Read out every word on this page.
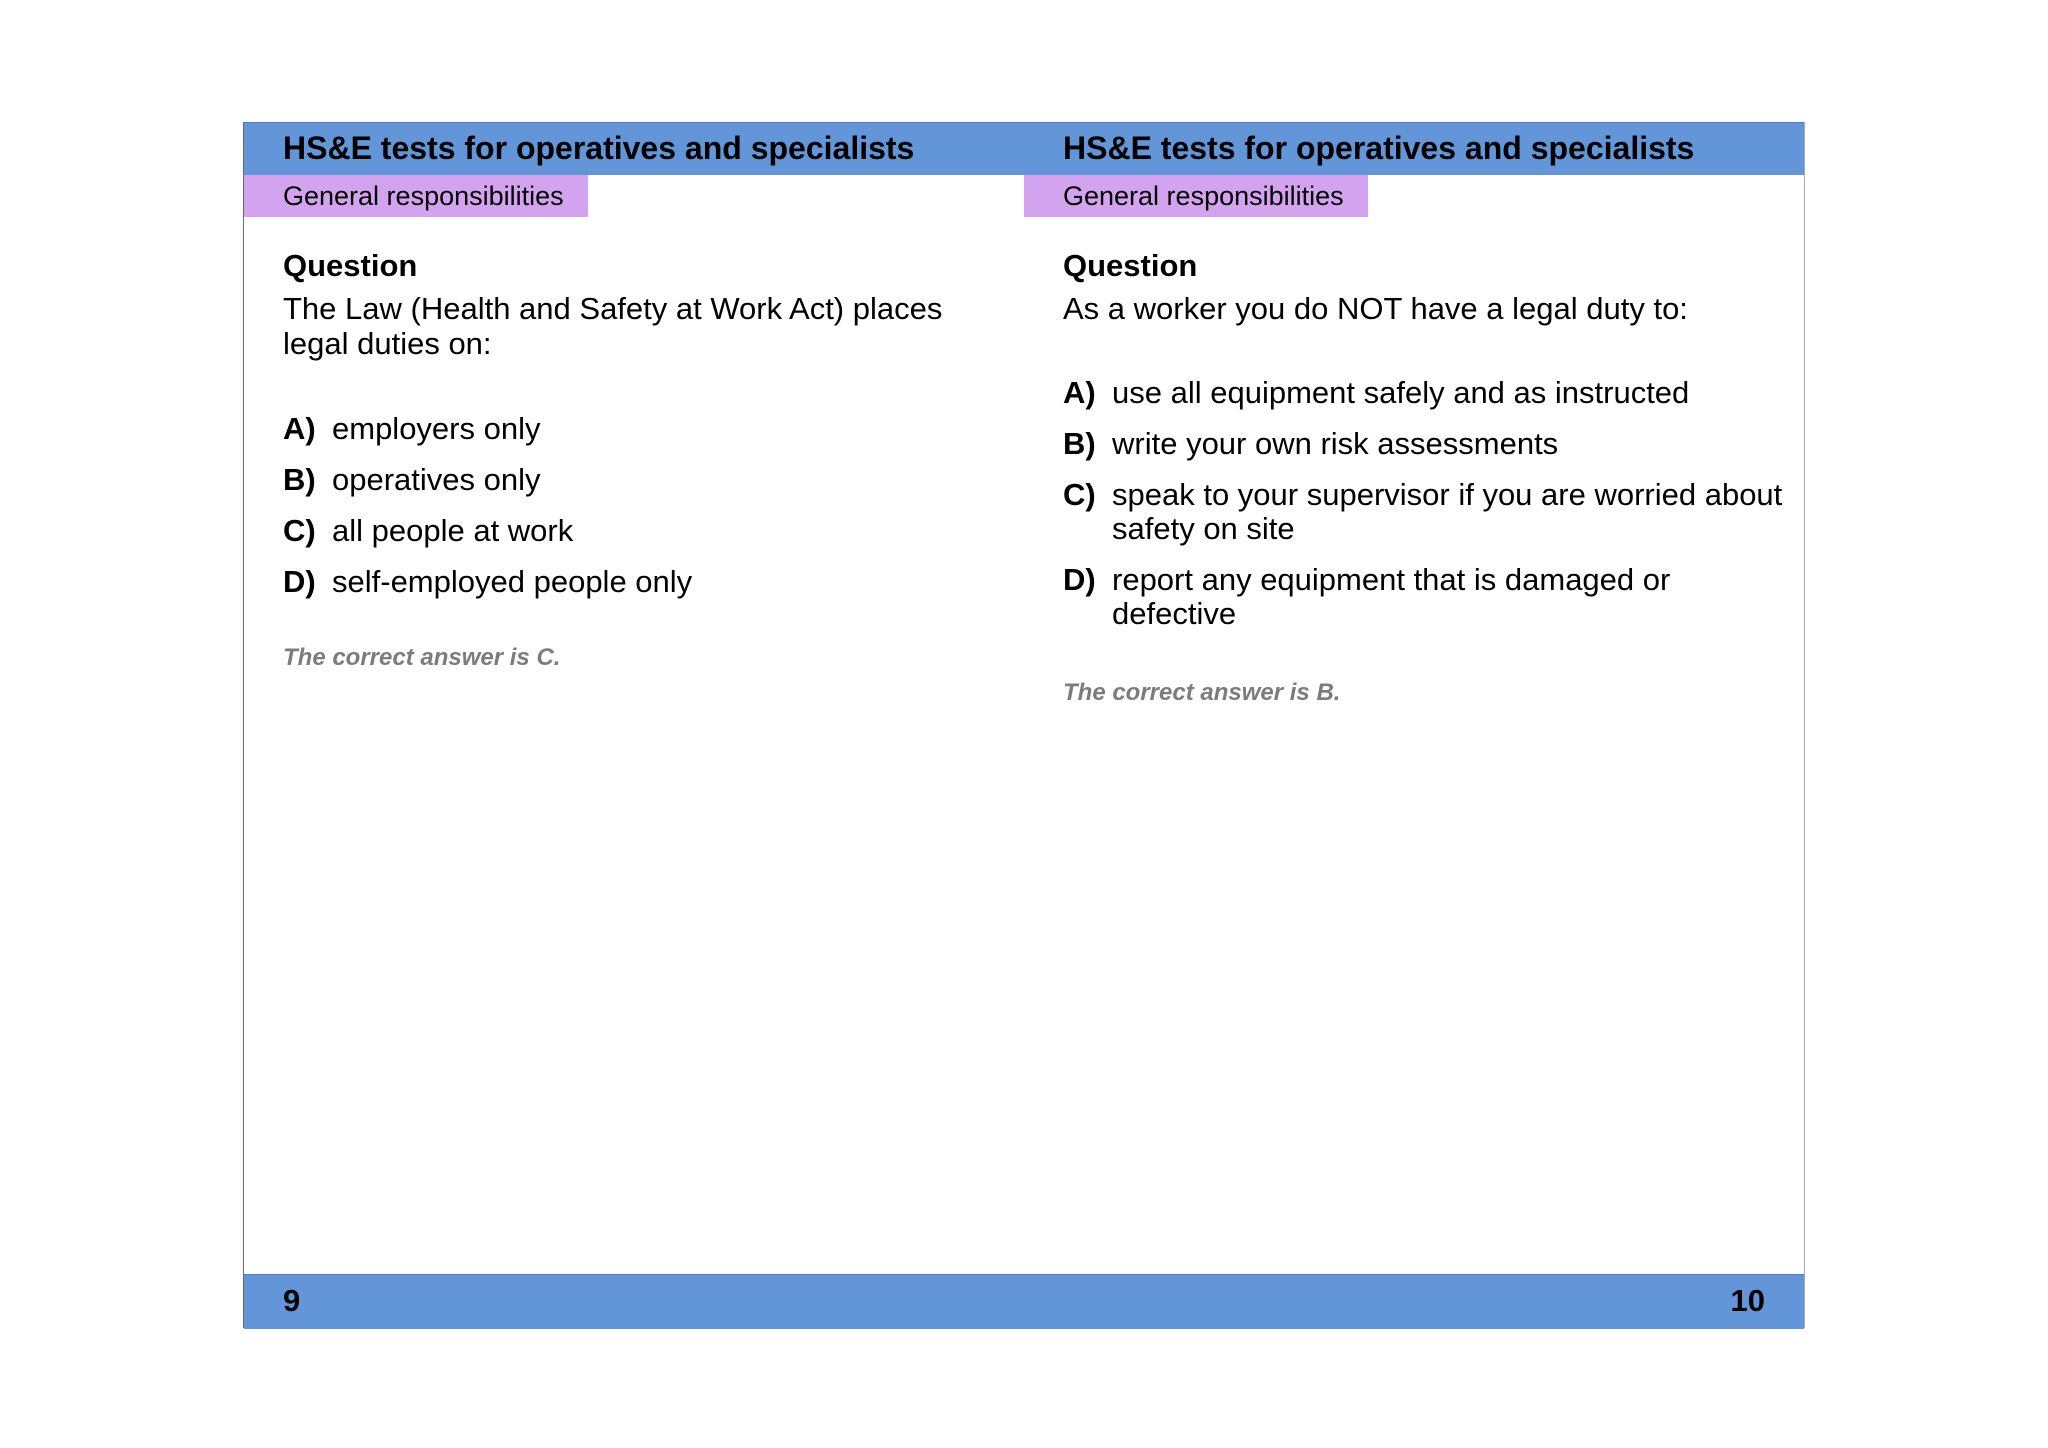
HS&E tests for operatives and specialists
General responsibilities
Question
The Law (Health and Safety at Work Act) places legal duties on:
A) employers only
B) operatives only
C) all people at work
D) self-employed people only
The correct answer is C.
9
HS&E tests for operatives and specialists
General responsibilities
Question
As a worker you do NOT have a legal duty to:
A) use all equipment safely and as instructed
B) write your own risk assessments
C) speak to your supervisor if you are worried about safety on site
D) report any equipment that is damaged or defective
The correct answer is B.
10
